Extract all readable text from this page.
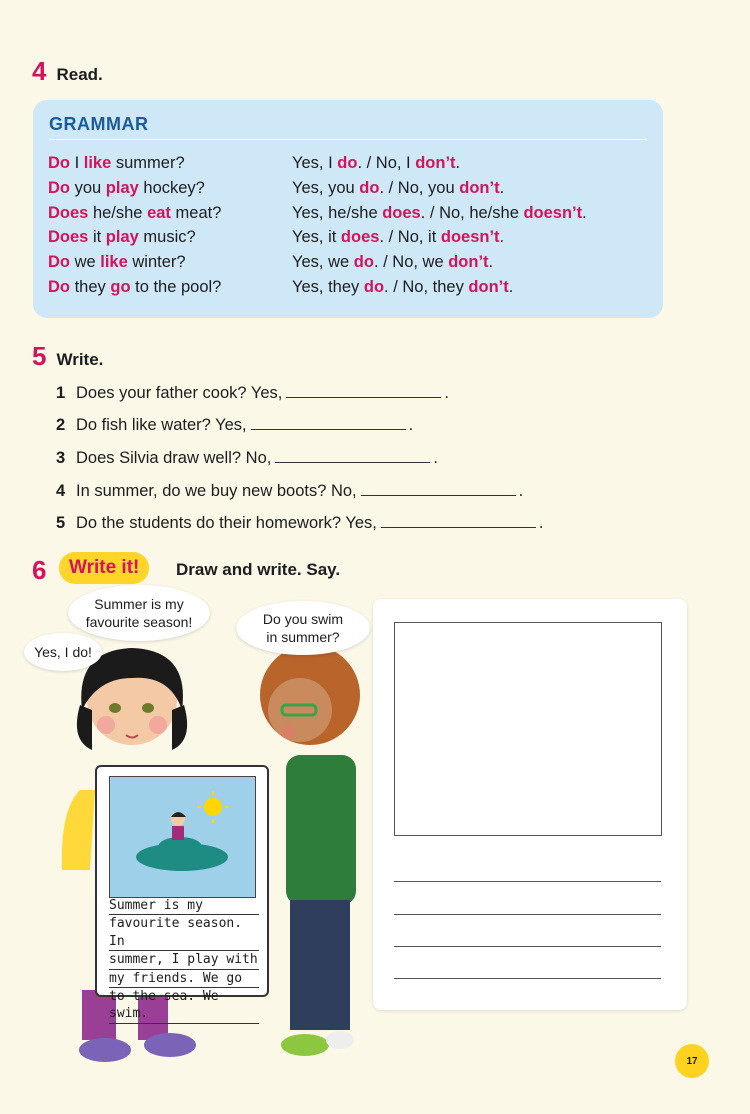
4 Read.
GRAMMAR
Do I like summer?	Yes, I do. / No, I don’t.
Do you play hockey?	Yes, you do. / No, you don’t.
Does he/she eat meat?	Yes, he/she does. / No, he/she doesn’t.
Does it play music?	Yes, it does. / No, it doesn’t.
Do we like winter?	Yes, we do. / No, we don’t.
Do they go to the pool?	Yes, they do. / No, they don’t.
5 Write.
1 Does your father cook? Yes,	.
2 Do fish like water? Yes,	.
3 Does Silvia draw well? No,	.
4 In summer, do we buy new boots? No,	.
5 Do the students do their homework? Yes,	.
6	Write it!	Draw and write. Say.
Summer is my
favourite season. In
summer, I play with
my friends. We go
to the sea. We swim.
Summer is my favourite season!
Yes, I do!
Do you swim in summer?
17
